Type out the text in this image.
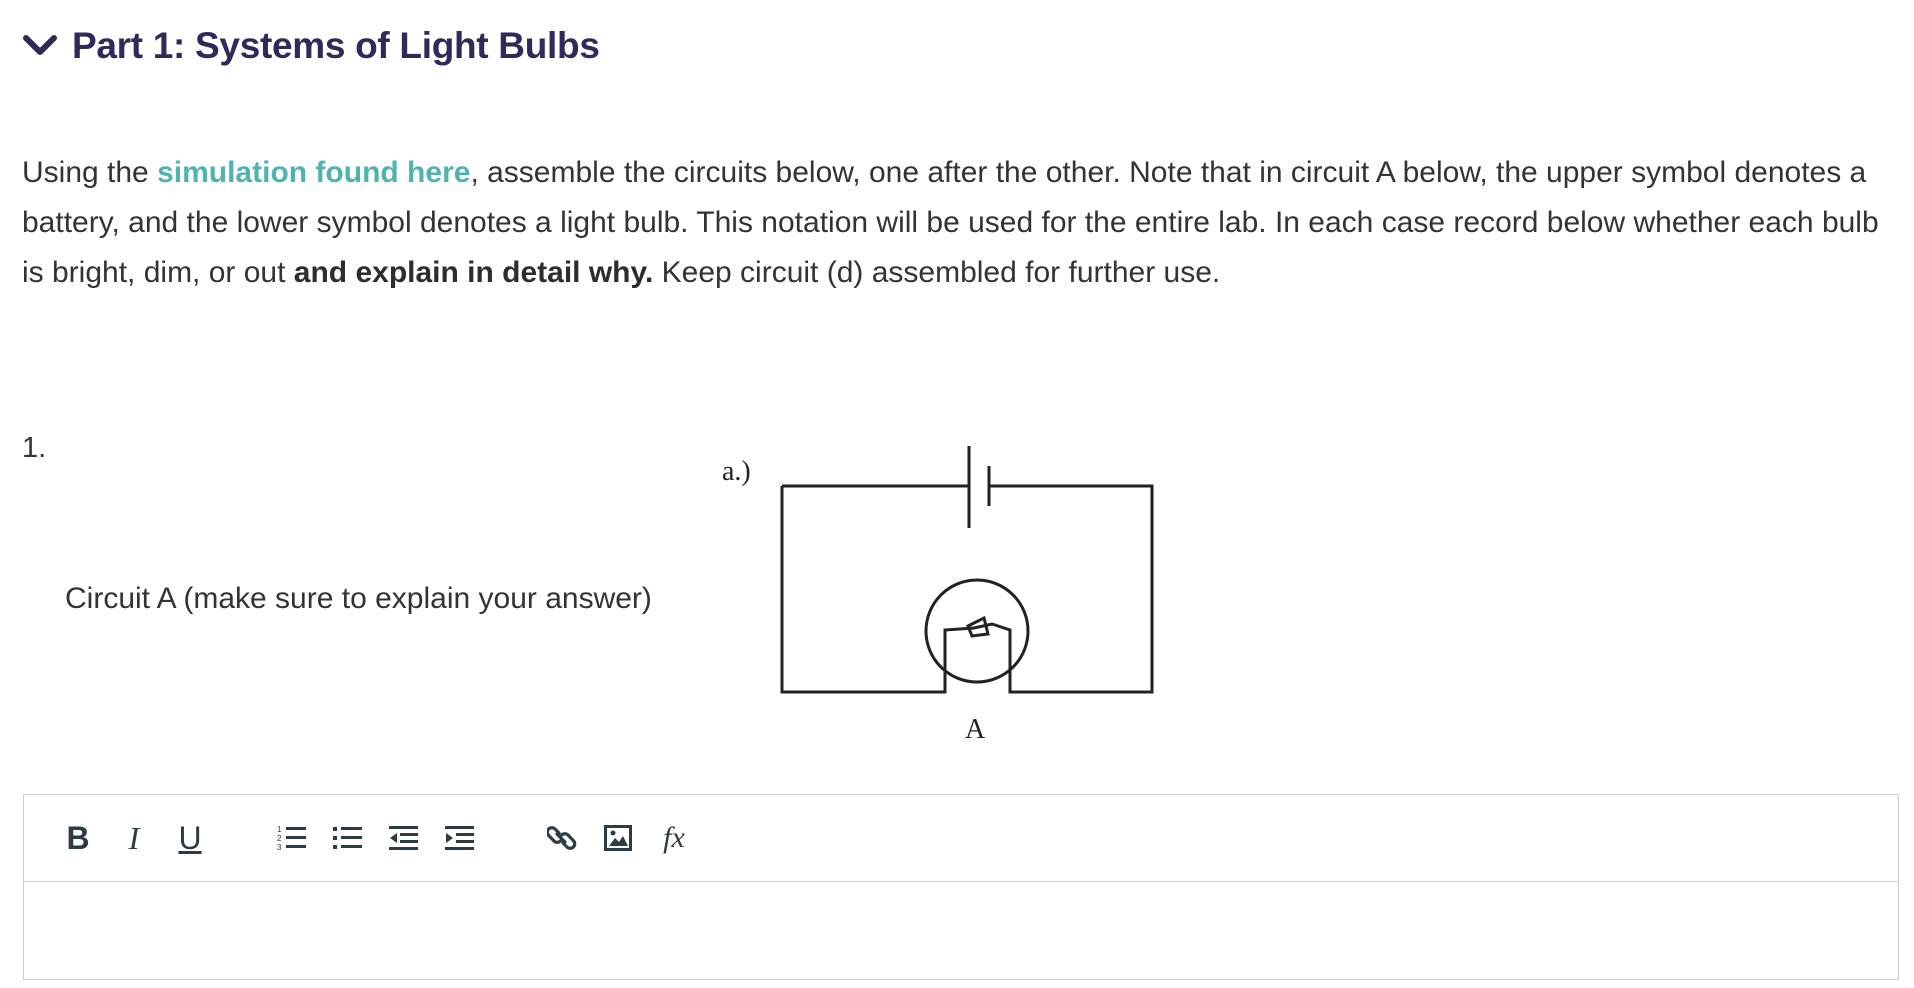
Part 1: Systems of Light Bulbs
Using the simulation found here, assemble the circuits below, one after the other. Note that in circuit A below, the upper symbol denotes a battery, and the lower symbol denotes a light bulb. This notation will be used for the entire lab. In each case record below whether each bulb is bright, dim, or out and explain in detail why. Keep circuit (d) assembled for further use.
1.
Circuit A (make sure to explain your answer)
a.)
A
B I U	1
2
3	fx
